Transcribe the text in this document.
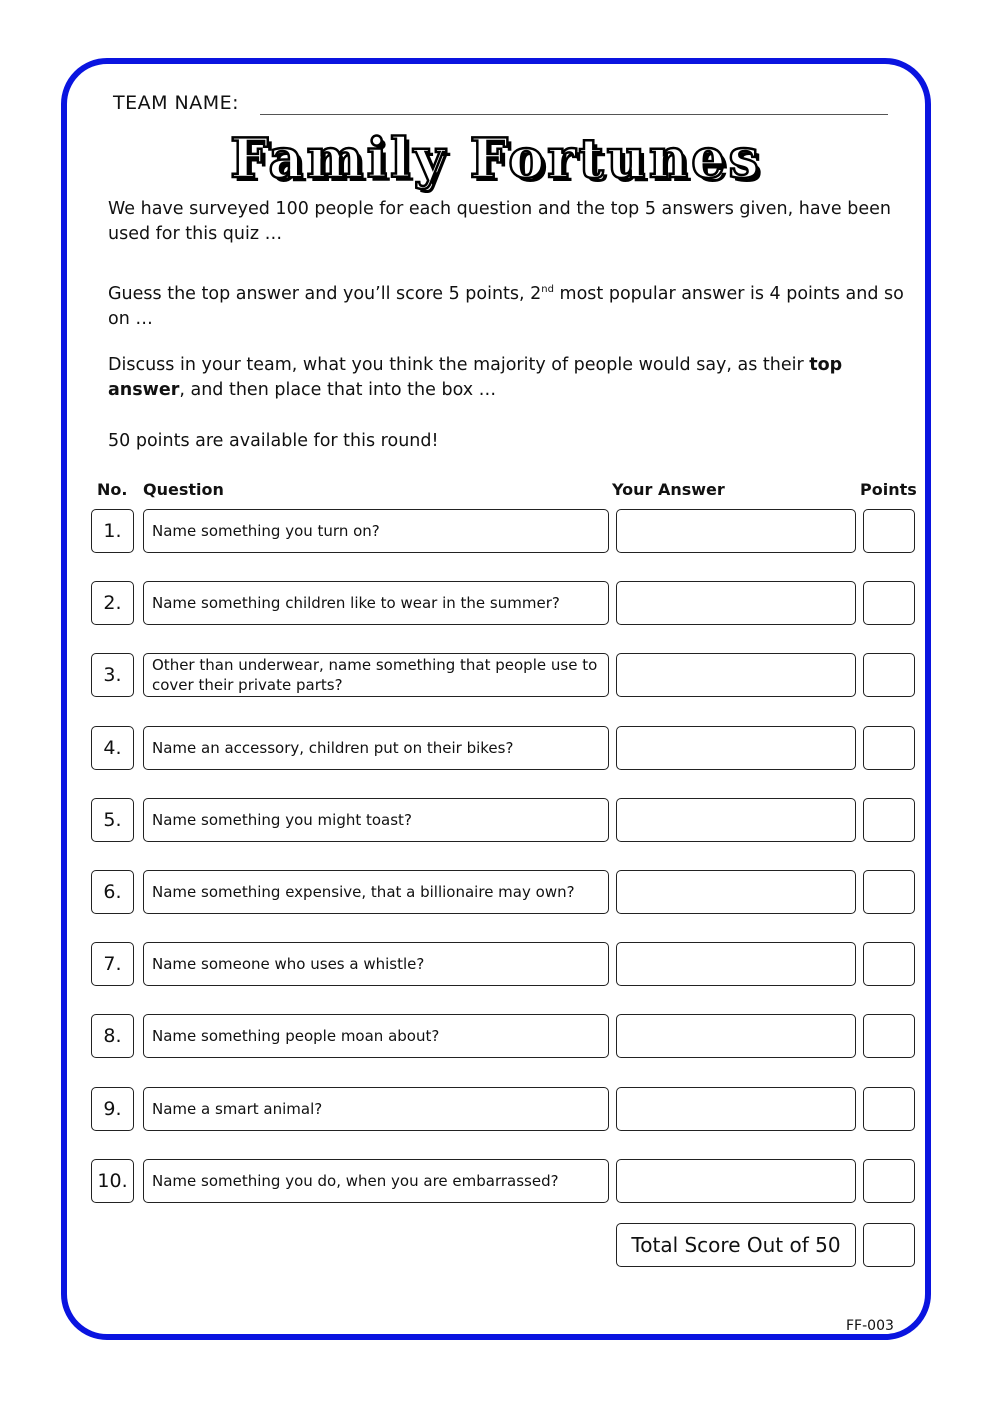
TEAM NAME:
Family Fortunes
We have surveyed 100 people for each question and the top 5 answers given, have been used for this quiz …
Guess the top answer and you’ll score 5 points, 2nd most popular answer is 4 points and so on …
Discuss in your team, what you think the majority of people would say, as their top answer, and then place that into the box …
50 points are available for this round!
No. Question	Your Answer	Points
1.	Name something you turn on?
2.	Name something children like to wear in the summer?
3.	Other than underwear, name something that people use to cover their private parts?
4.	Name an accessory, children put on their bikes?
5.	Name something you might toast?
6.	Name something expensive, that a billionaire may own?
7.	Name someone who uses a whistle?
8.	Name something people moan about?
9.	Name a smart animal?
10.	Name something you do, when you are embarrassed?
Total Score Out of 50
FF-003
